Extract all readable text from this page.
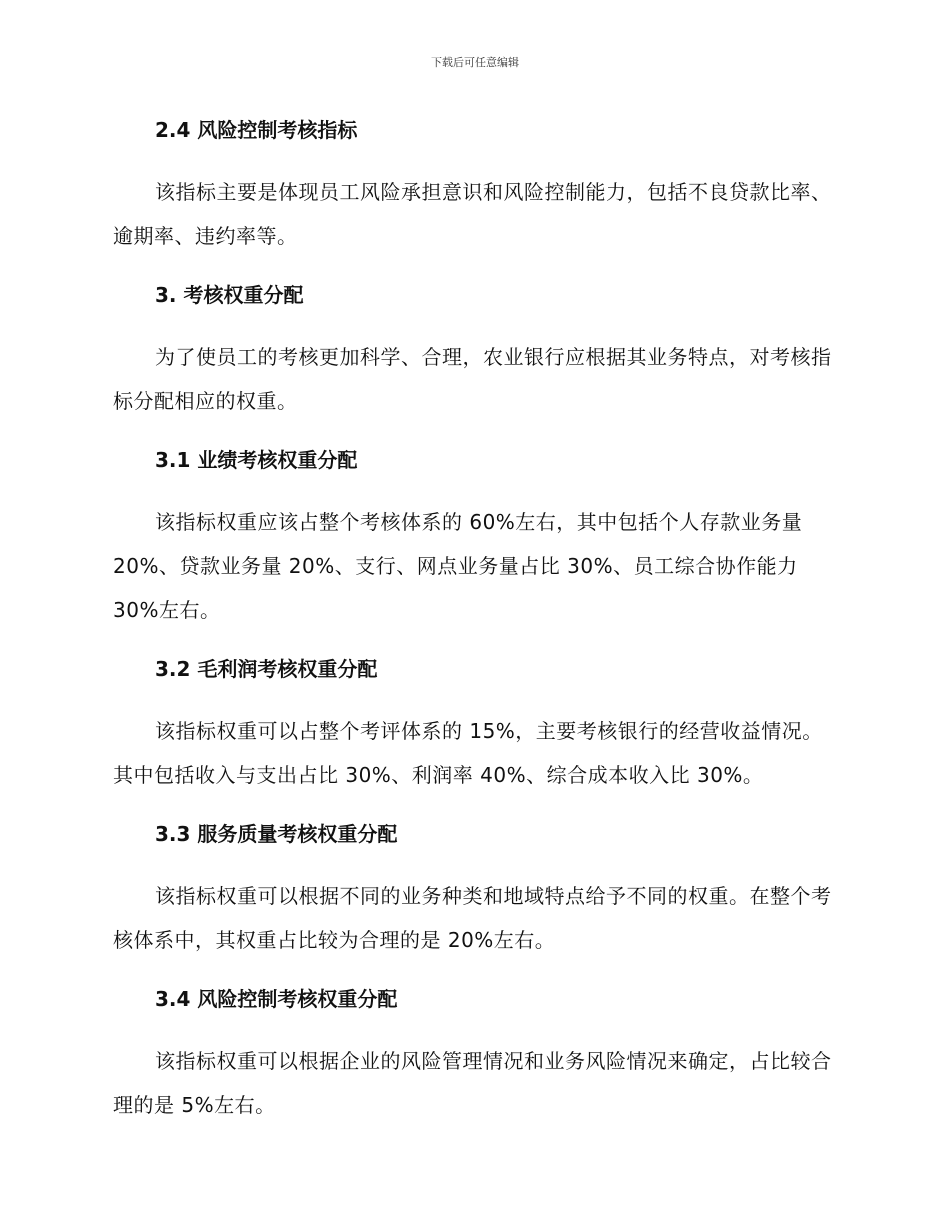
下载后可任意编辑
2.4 风险控制考核指标

该指标主要是体现员工风险承担意识和风险控制能力，包括不良贷款比率、逾期率、违约率等。

3. 考核权重分配

为了使员工的考核更加科学、合理，农业银行应根据其业务特点，对考核指标分配相应的权重。

3.1 业绩考核权重分配

该指标权重应该占整个考核体系的 60%左右，其中包括个人存款业务量 20%、贷款业务量 20%、支行、网点业务量占比 30%、员工综合协作能力 30%左右。

3.2 毛利润考核权重分配

该指标权重可以占整个考评体系的 15%，主要考核银行的经营收益情况。其中包括收入与支出占比 30%、利润率 40%、综合成本收入比 30%。

3.3 服务质量考核权重分配

该指标权重可以根据不同的业务种类和地域特点给予不同的权重。在整个考核体系中，其权重占比较为合理的是 20%左右。

3.4 风险控制考核权重分配

该指标权重可以根据企业的风险管理情况和业务风险情况来确定，占比较合理的是 5%左右。
